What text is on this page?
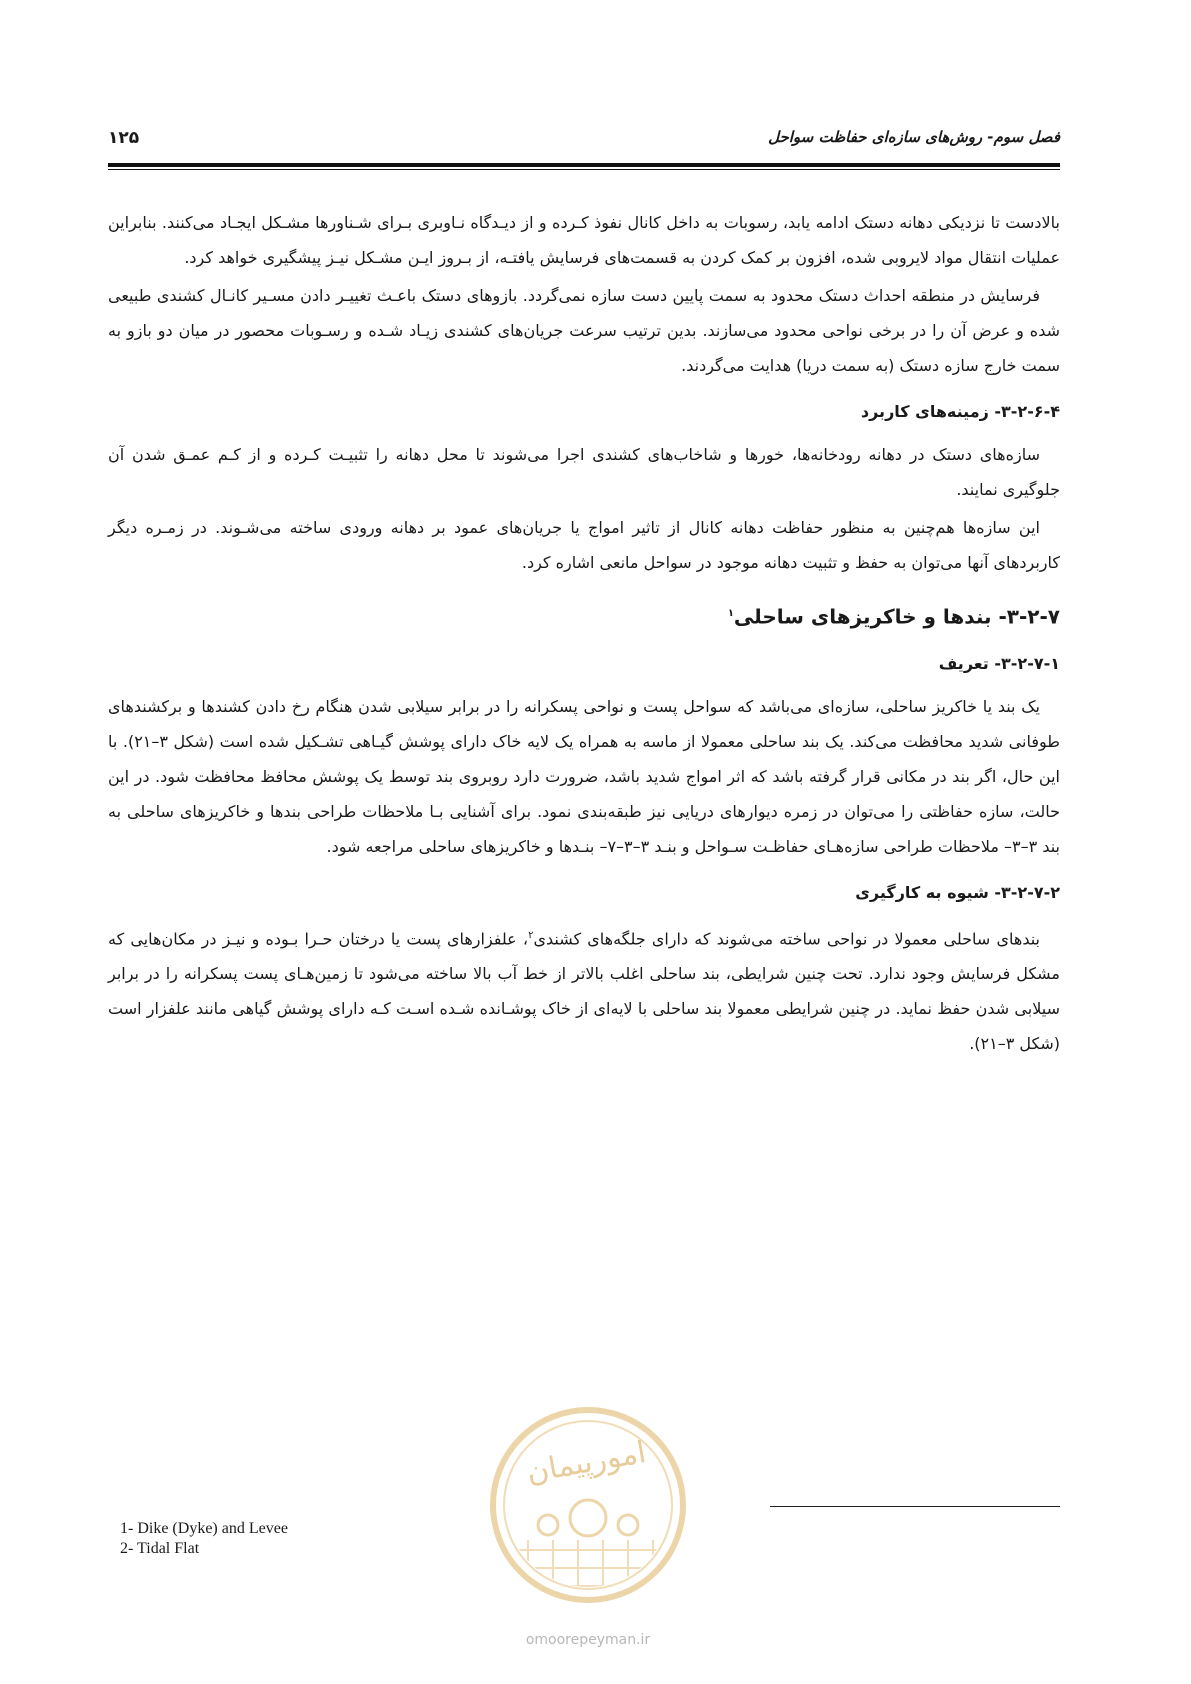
فصل سوم- روش‌های سازه‌ای حفاظت سواحل
۱۲۵

بالادست تا نزدیکی دهانه دستک ادامه یابد، رسوبات به داخل کانال نفوذ کـرده و از دیـدگاه نـاوبری بـرای شـناورها مشـکل ایجـاد می‌کنند. بنابراین عملیات انتقال مواد لایروبی شده، افزون بر کمک کردن به قسمت‌های فرسایش یافتـه، از بـروز ایـن مشـکل نیـز پیشگیری خواهد کرد.

فرسایش در منطقه احداث دستک محدود به سمت پایین دست سازه نمی‌گردد. بازوهای دستک باعـث تغییـر دادن مسـیر کانـال کشندی طبیعی شده و عرض آن را در برخی نواحی محدود می‌سازند. بدین ترتیب سرعت جریان‌های کشندی زیـاد شـده و رسـوبات محصور در میان دو بازو به سمت خارج سازه دستک (به سمت دریا) هدایت می‌گردند.

۳-۲-۶-۴- زمینه‌های کاربرد

سازه‌های دستک در دهانه رودخانه‌ها، خورها و شاخاب‌های کشندی اجرا می‌شوند تا محل دهانه را تثبیـت کـرده و از کـم عمـق شدن آن جلوگیری نمایند.

این سازه‌ها هم‌چنین به منظور حفاظت دهانه کانال از تاثیر امواج یا جریان‌های عمود بر دهانه ورودی ساخته می‌شـوند. در زمـره دیگر کاربردهای آنها می‌توان به حفظ و تثبیت دهانه موجود در سواحل مانعی اشاره کرد.

۳-۲-۷- بندها و خاکریزهای ساحلی$^۱$
۳-۲-۷-۱- تعریف

یک بند یا خاکریز ساحلی، سازه‌ای می‌باشد که سواحل پست و نواحی پسکرانه را در برابر سیلابی شدن هنگام رخ دادن کشندها و برکشندهای طوفانی شدید محافظت می‌کند. یک بند ساحلی معمولا از ماسه به همراه یک لایه خاک دارای پوشش گیـاهی تشـکیل شده است (شکل ۳–۲۱). با این حال، اگر بند در مکانی قرار گرفته باشد که اثر امواج شدید باشد، ضرورت دارد روبروی بند توسط یک پوشش محافظ محافظت شود. در این حالت، سازه حفاظتی را می‌توان در زمره دیوارهای دریایی نیز طبقه‌بندی نمود. برای آشنایی بـا ملاحظات طراحی بندها و خاکریزهای ساحلی به بند ۳–۳– ملاحظات طراحی سازه‌هـای حفاظـت سـواحل و بنـد ۳–۳–۷– بنـدها و خاکریزهای ساحلی مراجعه شود.

۳-۲-۷-۲- شیوه به کارگیری

بندهای ساحلی معمولا در نواحی ساخته می‌شوند که دارای جلگه‌های کشندی$^۲$، علفزارهای پست یا درختان حـرا بـوده و نیـز در مکان‌هایی که مشکل فرسایش وجود ندارد. تحت چنین شرایطی، بند ساحلی اغلب بالاتر از خط آب بالا ساخته می‌شود تا زمین‌هـای پست پسکرانه را در برابر سیلابی شدن حفظ نماید. در چنین شرایطی معمولا بند ساحلی با لایه‌ای از خاک پوشـانده شـده اسـت کـه دارای پوشش گیاهی مانند علفزار است (شکل ۳–۲۱).

امورپیمان
omoorepeyman.ir
1- Dike (Dyke) and Levee
2- Tidal Flat
